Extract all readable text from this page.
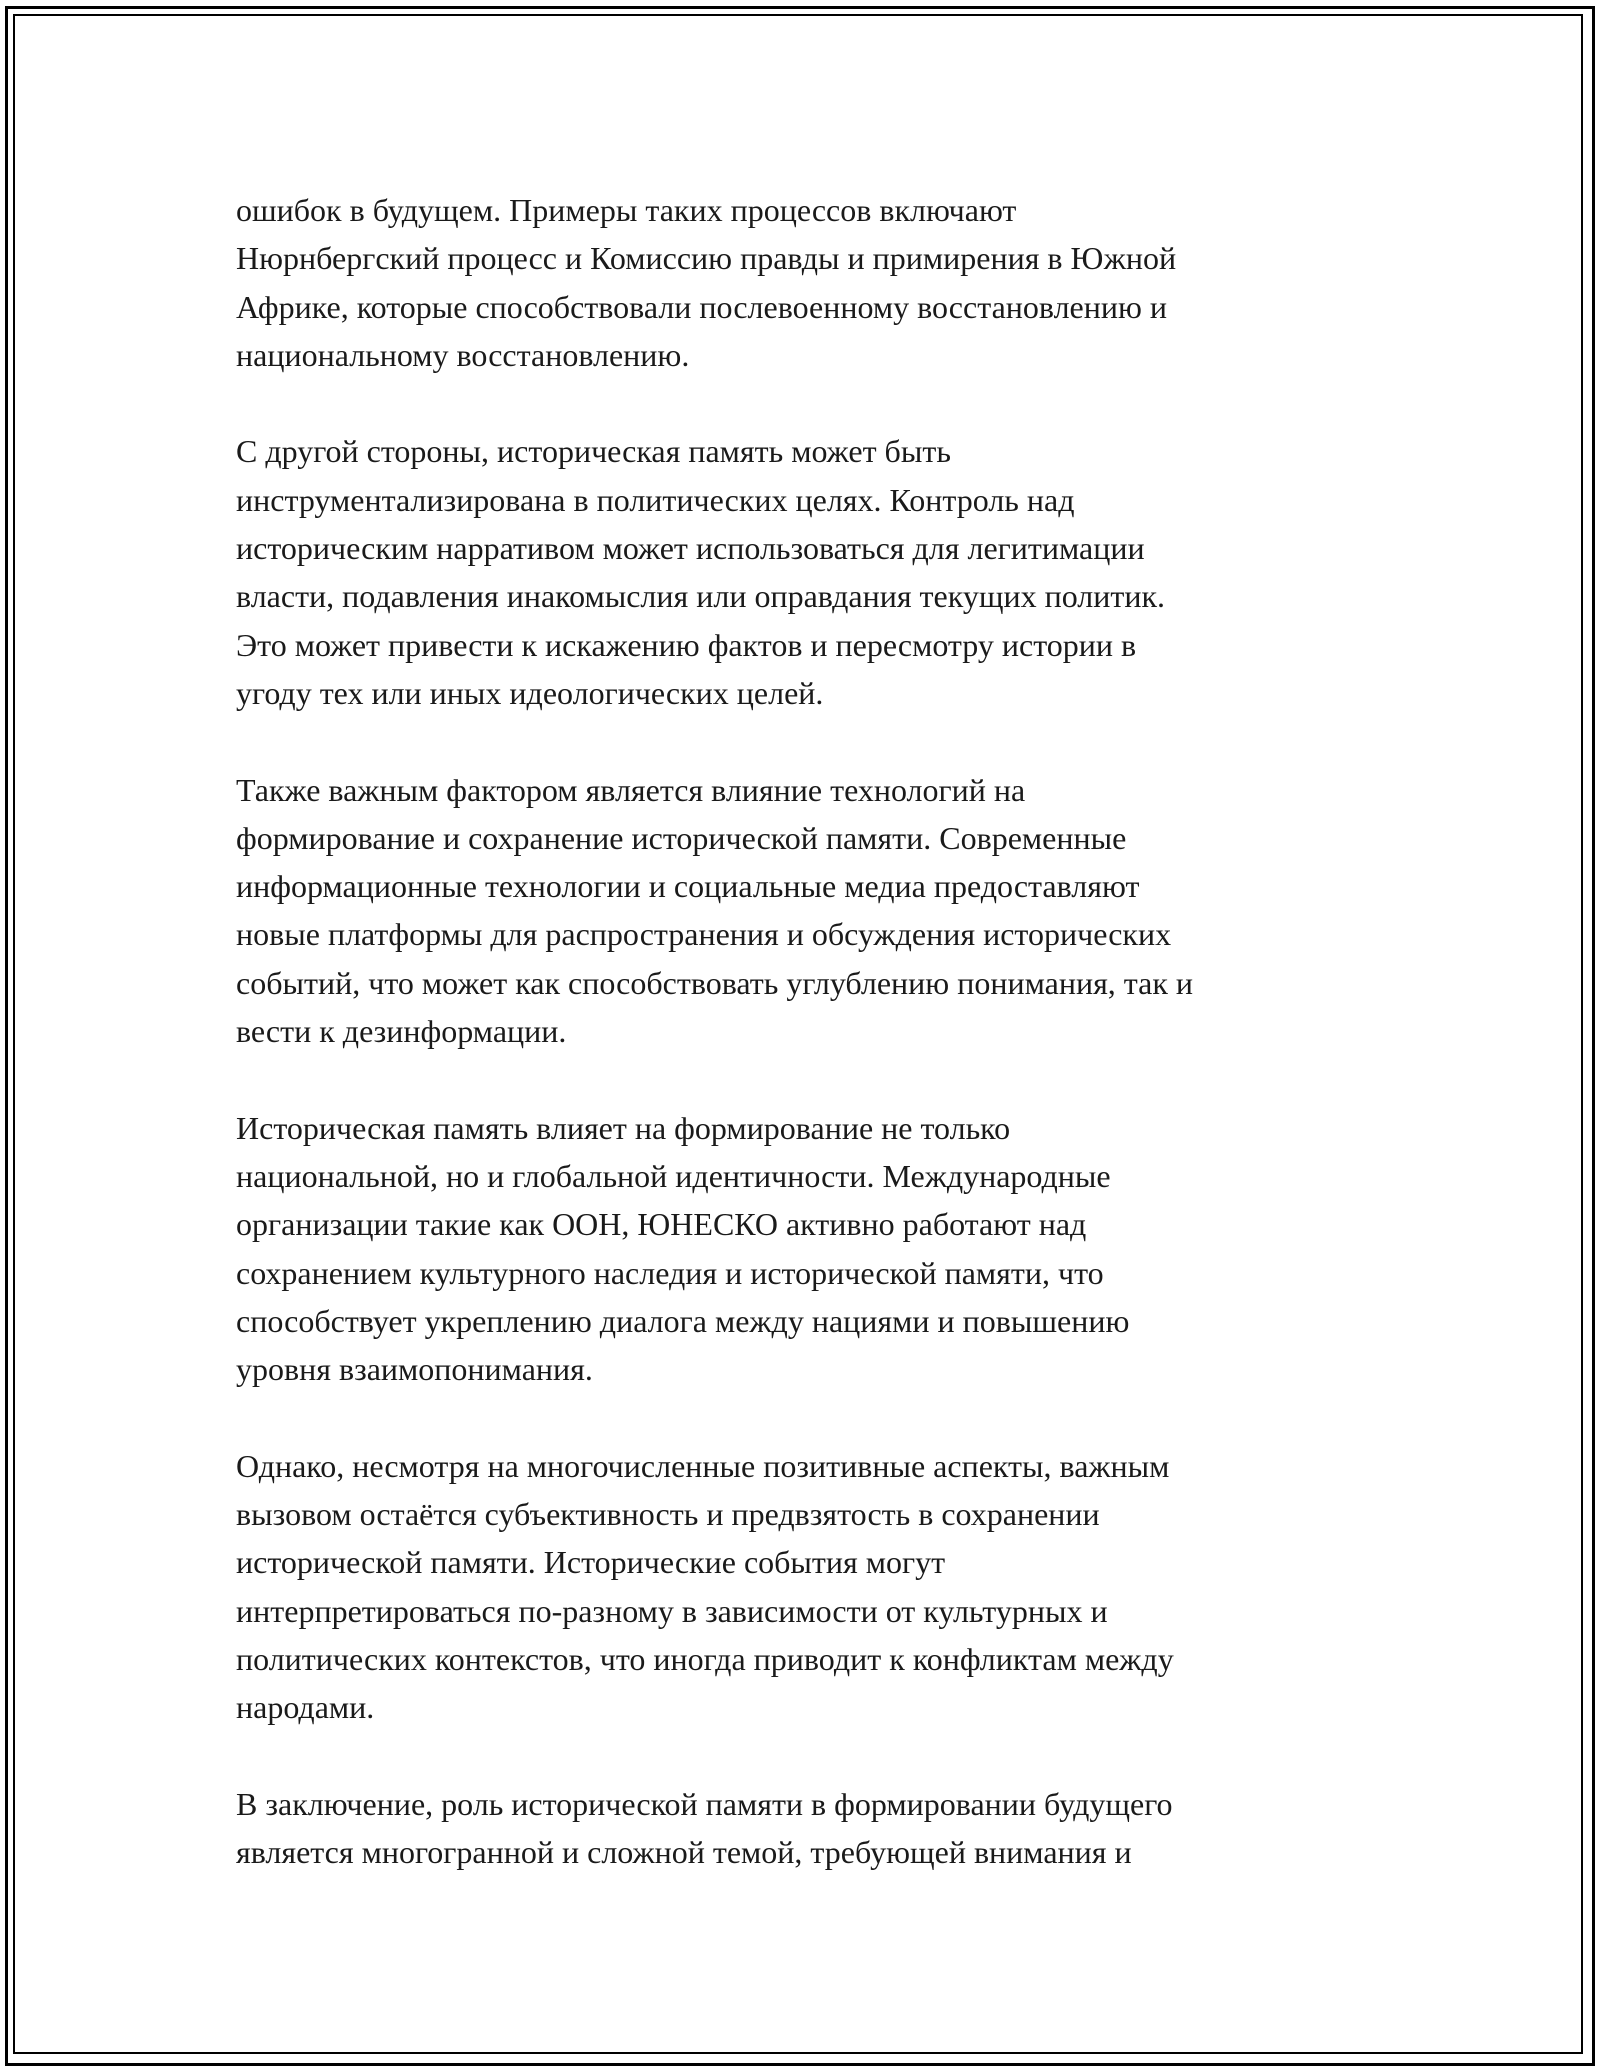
ошибок в будущем. Примеры таких процессов включают
Нюрнбергский процесс и Комиссию правды и примирения в Южной
Африке, которые способствовали послевоенному восстановлению и
национальному восстановлению.

С другой стороны, историческая память может быть
инструментализирована в политических целях. Контроль над
историческим нарративом может использоваться для легитимации
власти, подавления инакомыслия или оправдания текущих политик.
Это может привести к искажению фактов и пересмотру истории в
угоду тех или иных идеологических целей.

Также важным фактором является влияние технологий на
формирование и сохранение исторической памяти. Современные
информационные технологии и социальные медиа предоставляют
новые платформы для распространения и обсуждения исторических
событий, что может как способствовать углублению понимания, так и
вести к дезинформации.

Историческая память влияет на формирование не только
национальной, но и глобальной идентичности. Международные
организации такие как ООН, ЮНЕСКО активно работают над
сохранением культурного наследия и исторической памяти, что
способствует укреплению диалога между нациями и повышению
уровня взаимопонимания.

Однако, несмотря на многочисленные позитивные аспекты, важным
вызовом остаётся субъективность и предвзятость в сохранении
исторической памяти. Исторические события могут
интерпретироваться по-разному в зависимости от культурных и
политических контекстов, что иногда приводит к конфликтам между
народами.

В заключение, роль исторической памяти в формировании будущего
является многогранной и сложной темой, требующей внимания и
